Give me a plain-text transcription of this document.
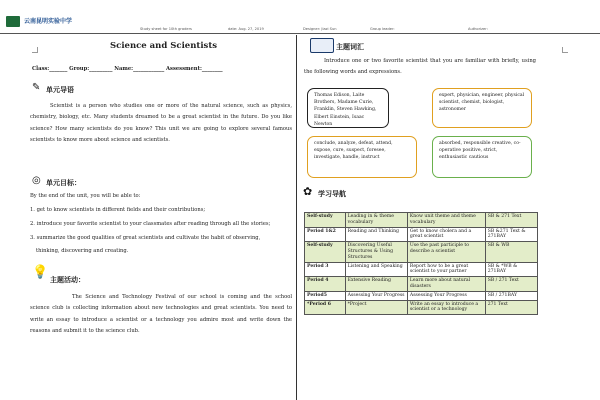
云南昆明实验中学
Study sheet for 10th graders	date: Aug. 27, 2019	Designer: Jiazi Sun	Group leader:	Authorizer:
Science and Scientists
Class:_______ Group:_________ Name:____________ Assessment:________
✎ 单元导语
Scientist is a person who studies one or more of the natural science, such as physics, chemistry, biology, etc. Many students dreamed to be a great scientist in the future. Do you like science? How many scientists do you know? This unit we are going to explore several famous scientists to know more about science and scientists.
◎ 单元目标：
By the end of the unit, you will be able to:
1. get to know scientists in different fields and their contributions;
2. introduce your favorite scientist to your classmates after reading through all the stories;
3. summarize the good qualities of great scientists and cultivate the habit of observing,
thinking, discovering and creating.
💡 主题活动：
The Science and Technology Festival of our school is coming and the school science club is collecting information about new technologies and great scientists. You need to write an essay to introduce a scientist or a technology you admire most and write down the reasons and submit it to the science club.
主题词汇
Introduce one or two favorite scientist that you are familiar with briefly, using the following words and expressions.
Thomas Edison, Laite Brothers, Madame Curie, Franklin, Steven Hawking, Elbert Einstein, Isaac Newton
expert, physician, engineer, physical scientist, chemist, biologist, astronomer
conclude, analyze, defeat, attend, expose, cure, suspect, foresee, investigate, handle, instruct
absorbed, responsible creative, co-operative positive, strict, enthusiastic cautious
✿ 学习导航
Self-study	Leading in & theme vocabulary	Know unit theme and theme vocabulary	SB & 271 Text
Period 1&2	Reading and Thinking	Get to know cholera and a great scientist	SB &271 Text & 271BAY
Self-study	Discovering Useful Structures & Using Structures	Use the past participle to describe a scientist	SB & WB
Period 3	Listening and Speaking	Report how to be a great scientist to your partner	SB & *WB & 271BAY
Period 4	Extensive Reading	Learn more about natural disasters	SB / 271 Text
Period5	Assessing Your Progress	Assessing Your Progress	SB / 271BAY
*Period 6	*Project	Write an essay to introduce a scientist or a technology	271 Text
